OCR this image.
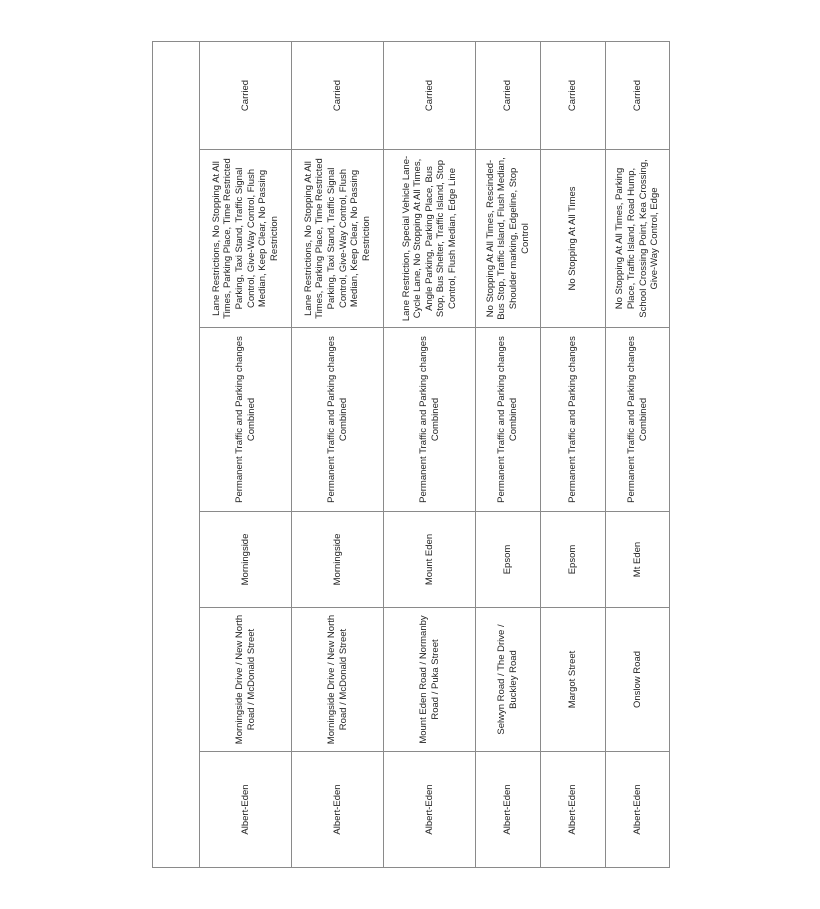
Albert-Eden	Morningside Drive / New North Road / McDonald Street	Morningside	Permanent Traffic and Parking changes Combined	Lane Restrictions, No Stopping At All Times, Parking Place, Time Restricted Parking, Taxi Stand, Traffic Signal Control, Give-Way Control, Flush Median, Keep Clear, No Passing Restriction	Carried
Albert-Eden	Morningside Drive / New North Road / McDonald Street	Morningside	Permanent Traffic and Parking changes Combined	Lane Restrictions, No Stopping At All Times, Parking Place, Time Restricted Parking, Taxi Stand, Traffic Signal Control, Give-Way Control, Flush Median, Keep Clear, No Passing Restriction	Carried
Albert-Eden	Mount Eden Road / Normanby Road / Puka Street	Mount Eden	Permanent Traffic and Parking changes Combined	Lane Restriction, Special Vehicle Lane- Cycle Lane, No Stopping At All Times, Angle Parking, Parking Place, Bus Stop, Bus Shelter, Traffic Island, Stop Control, Flush Median, Edge Line	Carried
Albert-Eden	Selwyn Road / The Drive / Buckley Road	Epsom	Permanent Traffic and Parking changes Combined	No Stopping At All Times, Rescinded-Bus Stop, Traffic Island, Flush Median, Shoulder marking, Edgeline, Stop Control	Carried
Albert-Eden	Margot Street	Epsom	Permanent Traffic and Parking changes	No Stopping At All Times	Carried
Albert-Eden	Onslow Road	Mt Eden	Permanent Traffic and Parking changes Combined	No Stopping At All Times, Parking Place, Traffic Island, Road Hump, School Crossing Point, Kea Crossing, Give-Way Control, Edge	Carried
